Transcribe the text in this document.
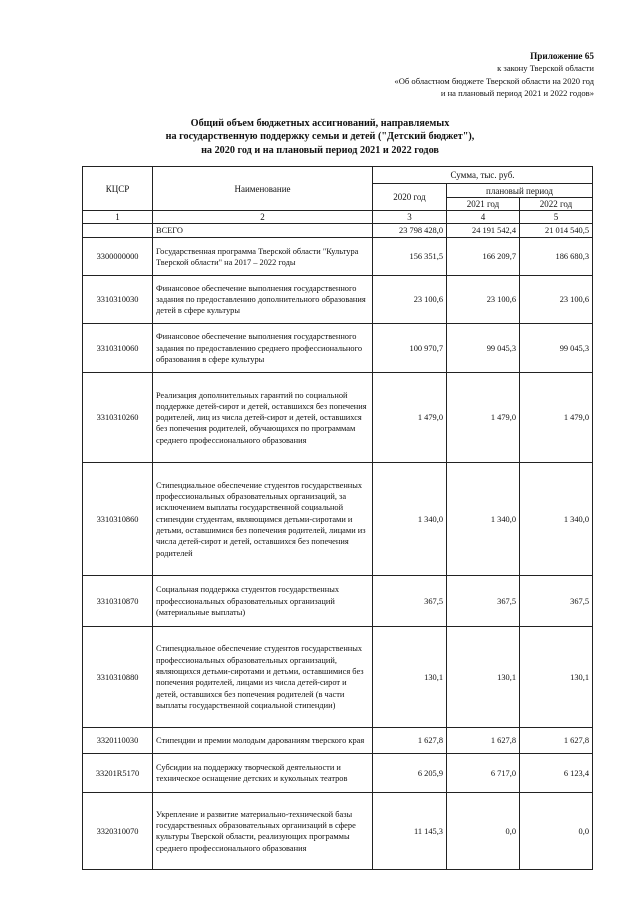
Приложение 65
к закону Тверской области
«Об областном бюджете Тверской области на 2020 год
и на плановый период 2021 и 2022 годов»
Общий объем бюджетных ассигнований, направляемых
на государственную поддержку семьи и детей ("Детский бюджет"),
на 2020 год и на плановый период 2021 и 2022 годов
КЦСР	Наименование	Сумма, тыс. руб.		
		2020 год	плановый период	
			2021 год	2022 год
1	2	3	4	5
	ВСЕГО	23 798 428,0	24 191 542,4	21 014 540,5
3300000000	Государственная программа Тверской области "Культура Тверской области" на 2017 – 2022 годы	156 351,5	166 209,7	186 680,3
3310310030	Финансовое обеспечение выполнения государственного задания по предоставлению дополнительного образования детей в сфере культуры	23 100,6	23 100,6	23 100,6
3310310060	Финансовое обеспечение выполнения государственного задания по предоставлению среднего профессионального образования в сфере культуры	100 970,7	99 045,3	99 045,3
3310310260	Реализация дополнительных гарантий по социальной поддержке детей-сирот и детей, оставшихся без попечения родителей, лиц из числа детей-сирот и детей, оставшихся без попечения родителей, обучающихся по программам среднего профессионального образования	1 479,0	1 479,0	1 479,0
3310310860	Стипендиальное обеспечение студентов государственных профессиональных образовательных организаций, за исключением выплаты государственной социальной стипендии студентам, являющимся детьми-сиротами и детьми, оставшимися без попечения родителей, лицами из числа детей-сирот и детей, оставшихся без попечения родителей	1 340,0	1 340,0	1 340,0
3310310870	Социальная поддержка студентов государственных профессиональных образовательных организаций (материальные выплаты)	367,5	367,5	367,5
3310310880	Стипендиальное обеспечение студентов государственных профессиональных образовательных организаций, являющихся детьми-сиротами и детьми, оставшимися без попечения родителей, лицами из числа детей-сирот и детей, оставшихся без попечения родителей (в части выплаты государственной социальной стипендии)	130,1	130,1	130,1
3320110030	Стипендии и премии молодым дарованиям тверского края	1 627,8	1 627,8	1 627,8
33201R5170	Субсидии на поддержку творческой деятельности и техническое оснащение детских и кукольных театров	6 205,9	6 717,0	6 123,4
3320310070	Укрепление и развитие материально-технической базы государственных образовательных организаций в сфере культуры Тверской области, реализующих программы среднего профессионального образования	11 145,3	0,0	0,0
